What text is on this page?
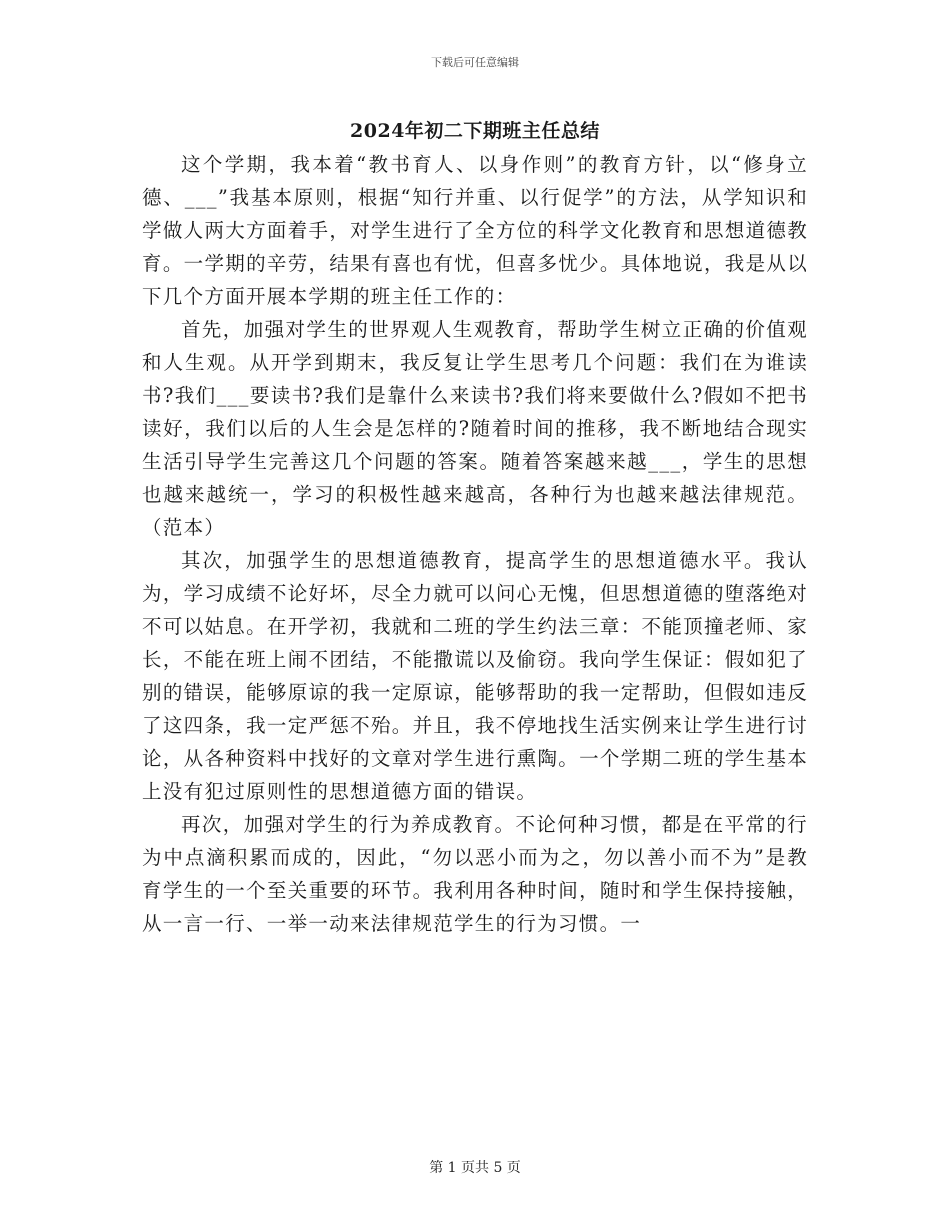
下载后可任意编辑
2024年初二下期班主任总结

这个学期，我本着“教书育人、以身作则”的教育方针，以“修身立德、___”我基本原则，根据“知行并重、以行促学”的方法，从学知识和学做人两大方面着手，对学生进行了全方位的科学文化教育和思想道德教育。一学期的辛劳，结果有喜也有忧，但喜多忧少。具体地说，我是从以下几个方面开展本学期的班主任工作的：

首先，加强对学生的世界观人生观教育，帮助学生树立正确的价值观和人生观。从开学到期末，我反复让学生思考几个问题：我们在为谁读书?我们___要读书?我们是靠什么来读书?我们将来要做什么?假如不把书读好，我们以后的人生会是怎样的?随着时间的推移，我不断地结合现实生活引导学生完善这几个问题的答案。随着答案越来越___，学生的思想也越来越统一，学习的积极性越来越高，各种行为也越来越法律规范。（范本）

其次，加强学生的思想道德教育，提高学生的思想道德水平。我认为，学习成绩不论好坏，尽全力就可以问心无愧，但思想道德的堕落绝对不可以姑息。在开学初，我就和二班的学生约法三章：不能顶撞老师、家长，不能在班上闹不团结，不能撒谎以及偷窃。我向学生保证：假如犯了别的错误，能够原谅的我一定原谅，能够帮助的我一定帮助，但假如违反了这四条，我一定严惩不殆。并且，我不停地找生活实例来让学生进行讨论，从各种资料中找好的文章对学生进行熏陶。一个学期二班的学生基本上没有犯过原则性的思想道德方面的错误。

再次，加强对学生的行为养成教育。不论何种习惯，都是在平常的行为中点滴积累而成的，因此，“勿以恶小而为之，勿以善小而不为”是教育学生的一个至关重要的环节。我利用各种时间，随时和学生保持接触，从一言一行、一举一动来法律规范学生的行为习惯。一

第 1 页共 5 页
